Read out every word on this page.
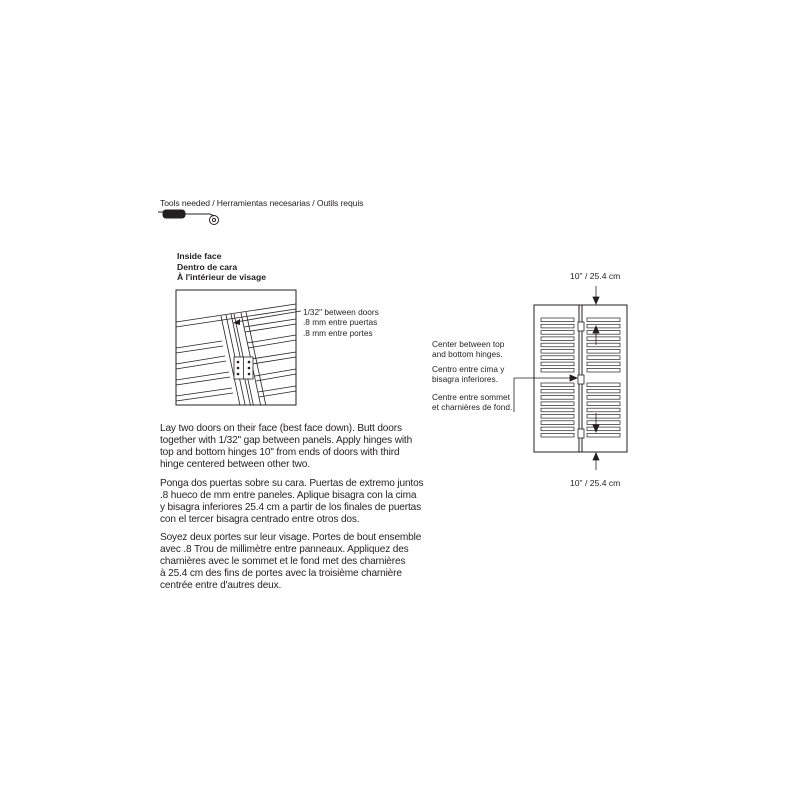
Tools needed / Herramientas necesarias / Outils requis
Inside face
Dentro de cara
À l'intérieur de visage
1/32" between doors
.8 mm entre puertas
.8 mm entre portes
Lay two doors on their face (best face down). Butt doors
together with 1/32" gap between panels. Apply hinges with
top and bottom hinges 10" from ends of doors with third
hinge centered between other two.
Ponga dos puertas sobre su cara. Puertas de extremo juntos
.8 hueco de mm entre paneles. Aplique bisagra con la cima
y bisagra inferiores 25.4 cm a partir de los finales de puertas
con el tercer bisagra centrado entre otros dos.
Soyez deux portes sur leur visage. Portes de bout ensemble
avec .8 Trou de millimètre entre panneaux. Appliquez des
charnières avec le sommet et le fond met des charnières
à 25.4 cm des fins de portes avec la troisième charnière
centrée entre d'autres deux.
10" / 25.4 cm
10" / 25.4 cm
Center between top
and bottom hinges.
Centro entre cima y
bisagra inferiores.
Centre entre sommet
et charnières de fond.
